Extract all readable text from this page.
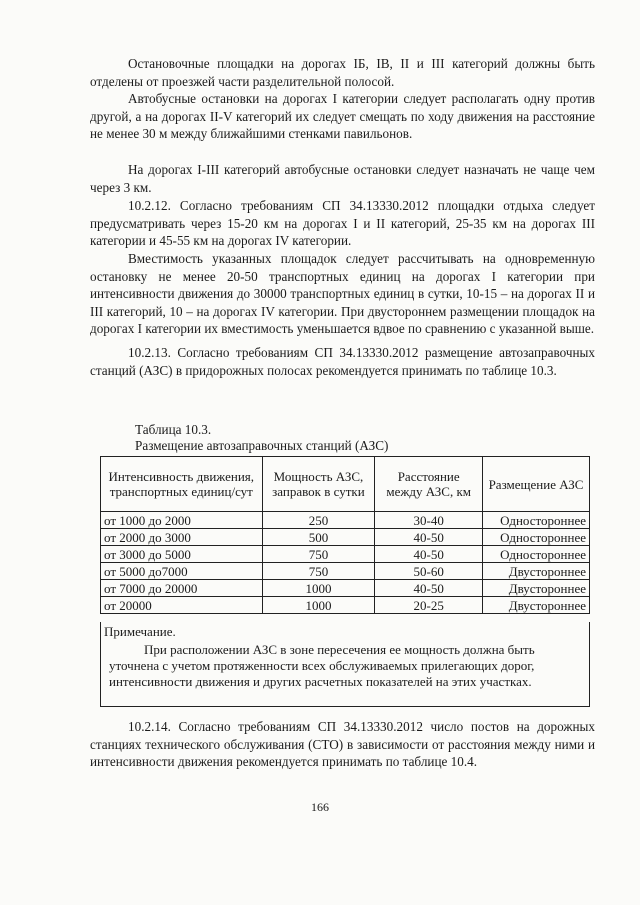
Остановочные площадки на дорогах IБ, IB, II и III категорий должны быть отделены от проезжей части разделительной полосой.

Автобусные остановки на дорогах I категории следует располагать одну против другой, а на дорогах II-V категорий их следует смещать по ходу движения на расстояние не менее 30 м между ближайшими стенками павильонов.

На дорогах I-III категорий автобусные остановки следует назначать не чаще чем через 3 км.

10.2.12. Согласно требованиям СП 34.13330.2012 площадки отдыха следует предусматривать через 15-20 км на дорогах I и II категорий, 25-35 км на дорогах III категории и 45-55 км на дорогах IV категории.

Вместимость указанных площадок следует рассчитывать на одновременную остановку не менее 20-50 транспортных единиц на дорогах I категории при интенсивности движения до 30000 транспортных единиц в сутки, 10-15 – на дорогах II и III категорий, 10 – на дорогах IV категории. При двустороннем размещении площадок на дорогах I категории их вместимость уменьшается вдвое по сравнению с указанной выше.

10.2.13. Согласно требованиям СП 34.13330.2012 размещение автозаправочных станций (АЗС) в придорожных полосах рекомендуется принимать по таблице 10.3.

Таблица 10.3.

Размещение автозаправочных станций (АЗС)

Интенсивность движения, транспортных единиц/сут	Мощность АЗС, заправок в сутки	Расстояние между АЗС, км	Размещение АЗС
от 1000 до 2000	250	30-40	Одностороннее
от 2000 до 3000	500	40-50	Одностороннее
от 3000 до 5000	750	40-50	Одностороннее
от 5000 до7000	750	50-60	Двустороннее
от 7000 до 20000	1000	40-50	Двустороннее
от 20000	1000	20-25	Двустороннее
Примечание.
При расположении АЗС в зоне пересечения ее мощность должна быть уточнена с учетом протяженности всех обслуживаемых прилегающих дорог, интенсивности движения и других расчетных показателей на этих участках.

10.2.14. Согласно требованиям СП 34.13330.2012 число постов на дорожных станциях технического обслуживания (СТО) в зависимости от расстояния между ними и интенсивности движения рекомендуется принимать по таблице 10.4.

166
